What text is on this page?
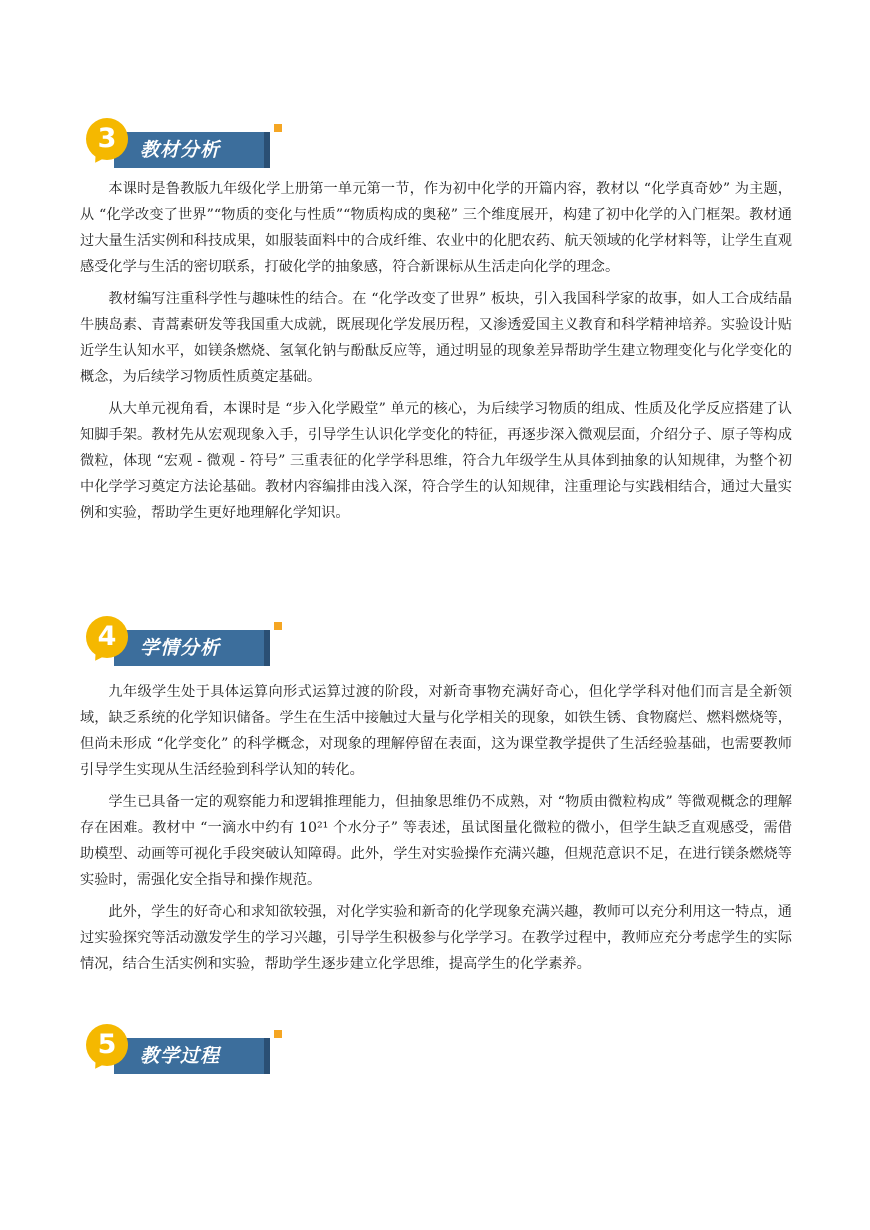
3	教材分析

本课时是鲁教版九年级化学上册第一单元第一节，作为初中化学的开篇内容，教材以 “化学真奇妙” 为主题，从 “化学改变了世界”“物质的变化与性质”“物质构成的奥秘” 三个维度展开，构建了初中化学的入门框架。教材通过大量生活实例和科技成果，如服装面料中的合成纤维、农业中的化肥农药、航天领域的化学材料等，让学生直观感受化学与生活的密切联系，打破化学的抽象感，符合新课标从生活走向化学的理念。

教材编写注重科学性与趣味性的结合。在 “化学改变了世界” 板块，引入我国科学家的故事，如人工合成结晶牛胰岛素、青蒿素研发等我国重大成就，既展现化学发展历程，又渗透爱国主义教育和科学精神培养。实验设计贴近学生认知水平，如镁条燃烧、氢氧化钠与酚酞反应等，通过明显的现象差异帮助学生建立物理变化与化学变化的概念，为后续学习物质性质奠定基础。

从大单元视角看，本课时是 “步入化学殿堂” 单元的核心，为后续学习物质的组成、性质及化学反应搭建了认知脚手架。教材先从宏观现象入手，引导学生认识化学变化的特征，再逐步深入微观层面，介绍分子、原子等构成微粒，体现 “宏观 - 微观 - 符号” 三重表征的化学学科思维，符合九年级学生从具体到抽象的认知规律，为整个初中化学学习奠定方法论基础。教材内容编排由浅入深，符合学生的认知规律，注重理论与实践相结合，通过大量实例和实验，帮助学生更好地理解化学知识。

4	学情分析

九年级学生处于具体运算向形式运算过渡的阶段，对新奇事物充满好奇心，但化学学科对他们而言是全新领域，缺乏系统的化学知识储备。学生在生活中接触过大量与化学相关的现象，如铁生锈、食物腐烂、燃料燃烧等，但尚未形成 “化学变化” 的科学概念，对现象的理解停留在表面，这为课堂教学提供了生活经验基础，也需要教师引导学生实现从生活经验到科学认知的转化。

学生已具备一定的观察能力和逻辑推理能力，但抽象思维仍不成熟，对 “物质由微粒构成” 等微观概念的理解存在困难。教材中 “一滴水中约有 10²¹ 个水分子” 等表述，虽试图量化微粒的微小，但学生缺乏直观感受，需借助模型、动画等可视化手段突破认知障碍。此外，学生对实验操作充满兴趣，但规范意识不足，在进行镁条燃烧等实验时，需强化安全指导和操作规范。

此外，学生的好奇心和求知欲较强，对化学实验和新奇的化学现象充满兴趣，教师可以充分利用这一特点，通过实验探究等活动激发学生的学习兴趣，引导学生积极参与化学学习。在教学过程中，教师应充分考虑学生的实际情况，结合生活实例和实验，帮助学生逐步建立化学思维，提高学生的化学素养。

5	教学过程
